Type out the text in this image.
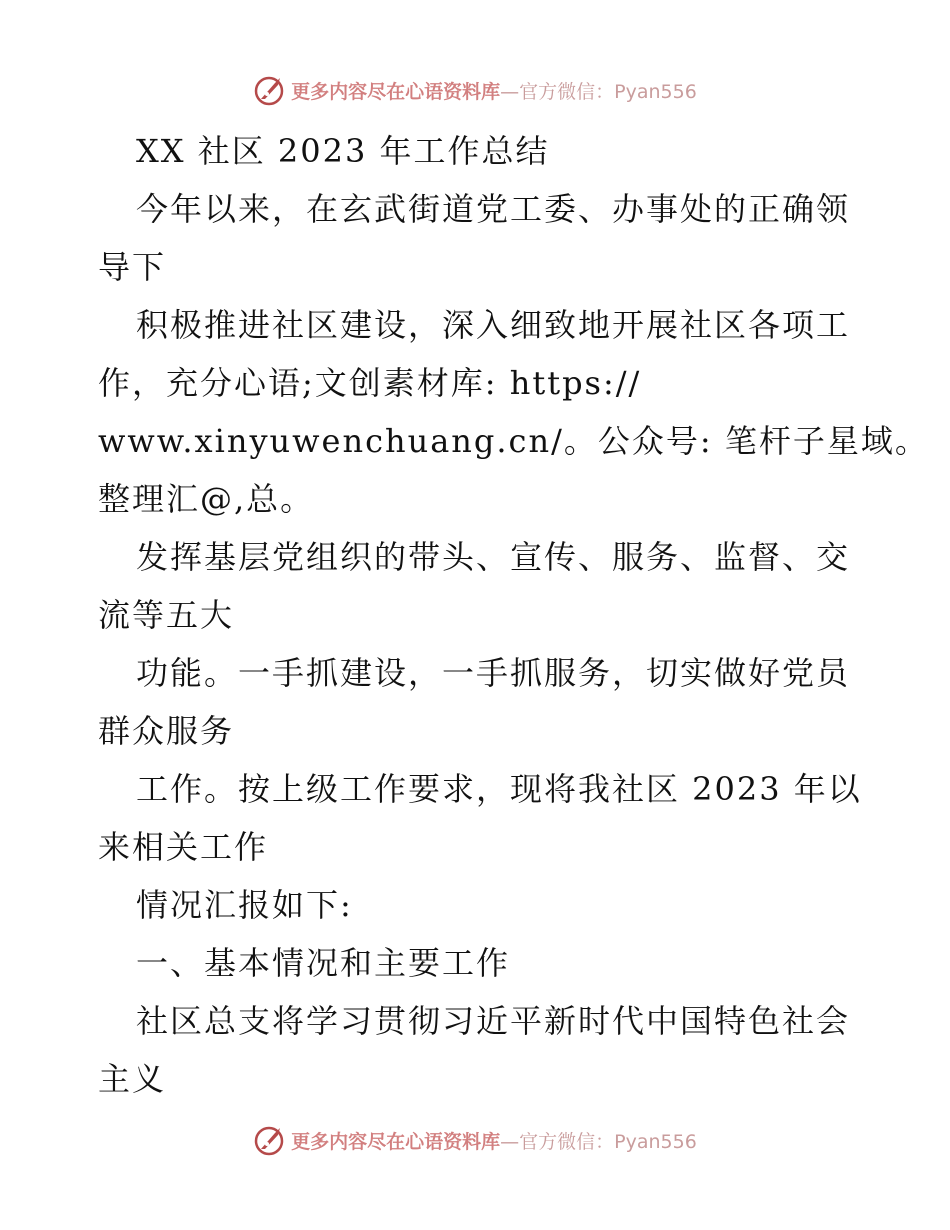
更多内容尽在心语资料库—官方微信：Pyan556
XX 社区 2023 年工作总结
今年以来，在玄武街道党工委、办事处的正确领
导下
积极推进社区建设，深入细致地开展社区各项工
作，充分心语;文创素材库: https://
www.xinyuwenchuang.cn/。公众号: 笔杆子星域。
整理汇@,总。
发挥基层党组织的带头、宣传、服务、监督、交
流等五大
功能。一手抓建设，一手抓服务，切实做好党员
群众服务
工作。按上级工作要求，现将我社区 2023 年以
来相关工作
情况汇报如下:
一、基本情况和主要工作
社区总支将学习贯彻习近平新时代中国特色社会
主义
更多内容尽在心语资料库—官方微信：Pyan556
